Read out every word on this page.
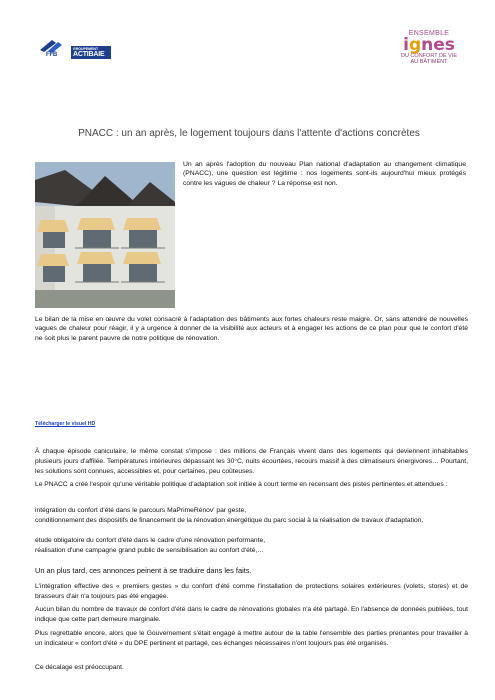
FFB
GROUPEMENT
ACTIBAIE
ENSEMBLE
ignes
DU CONFORT DE VIE
AU BÂTIMENT
PNACC : un an après, le logement toujours dans l'attente d'actions concrètes
Un an après l'adoption du nouveau Plan national d'adaptation au changement climatique (PNACC), une question est légitime : nos logements sont-ils aujourd'hui mieux protégés contre les vagues de chaleur ? La réponse est non.
Le bilan de la mise en œuvre du volet consacré à l'adaptation des bâtiments aux fortes chaleurs reste maigre. Or, sans attendre de nouvelles vagues de chaleur pour réagir, il y a urgence à donner de la visibilité aux acteurs et à engager les actions de ce plan pour que le confort d'été ne soit plus le parent pauvre de notre politique de rénovation.
Télécharger le visuel HD
À chaque épisode caniculaire, le même constat s'impose : des millions de Français vivent dans des logements qui deviennent inhabitables plusieurs jours d'affilée. Températures intérieures dépassant les 30°C, nuits écourtées, recours massif à des climatiseurs énergivores… Pourtant, les solutions sont connues, accessibles et, pour certaines, peu coûteuses.
Le PNACC a créé l'espoir qu'une véritable politique d'adaptation soit initiée à court terme en recensant des pistes pertinentes et attendues :
intégration du confort d'été dans le parcours MaPrimeRénov' par geste,
conditionnement des dispositifs de financement de la rénovation énergétique du parc social à la réalisation de travaux d'adaptation,
étude obligatoire du confort d'été dans le cadre d'une rénovation performante,
réalisation d'une campagne grand public de sensibilisation au confort d'été,…
Un an plus tard, ces annonces peinent à se traduire dans les faits.
L'intégration effective des « premiers gestes » du confort d'été comme l'installation de protections solaires extérieures (volets, stores) et de brasseurs d'air n'a toujours pas été engagée.
Aucun bilan du nombre de travaux de confort d'été dans le cadre de rénovations globales n'a été partagé. En l'absence de données publiées, tout indique que cette part demeure marginale.
Plus regrettable encore, alors que le Gouvernement s'était engagé à mettre autour de la table l'ensemble des parties prenantes pour travailler à un indicateur « confort d'été » du DPE pertinent et partagé, ces échanges nécessaires n'ont toujours pas été organisés.
Ce décalage est préoccupant.
